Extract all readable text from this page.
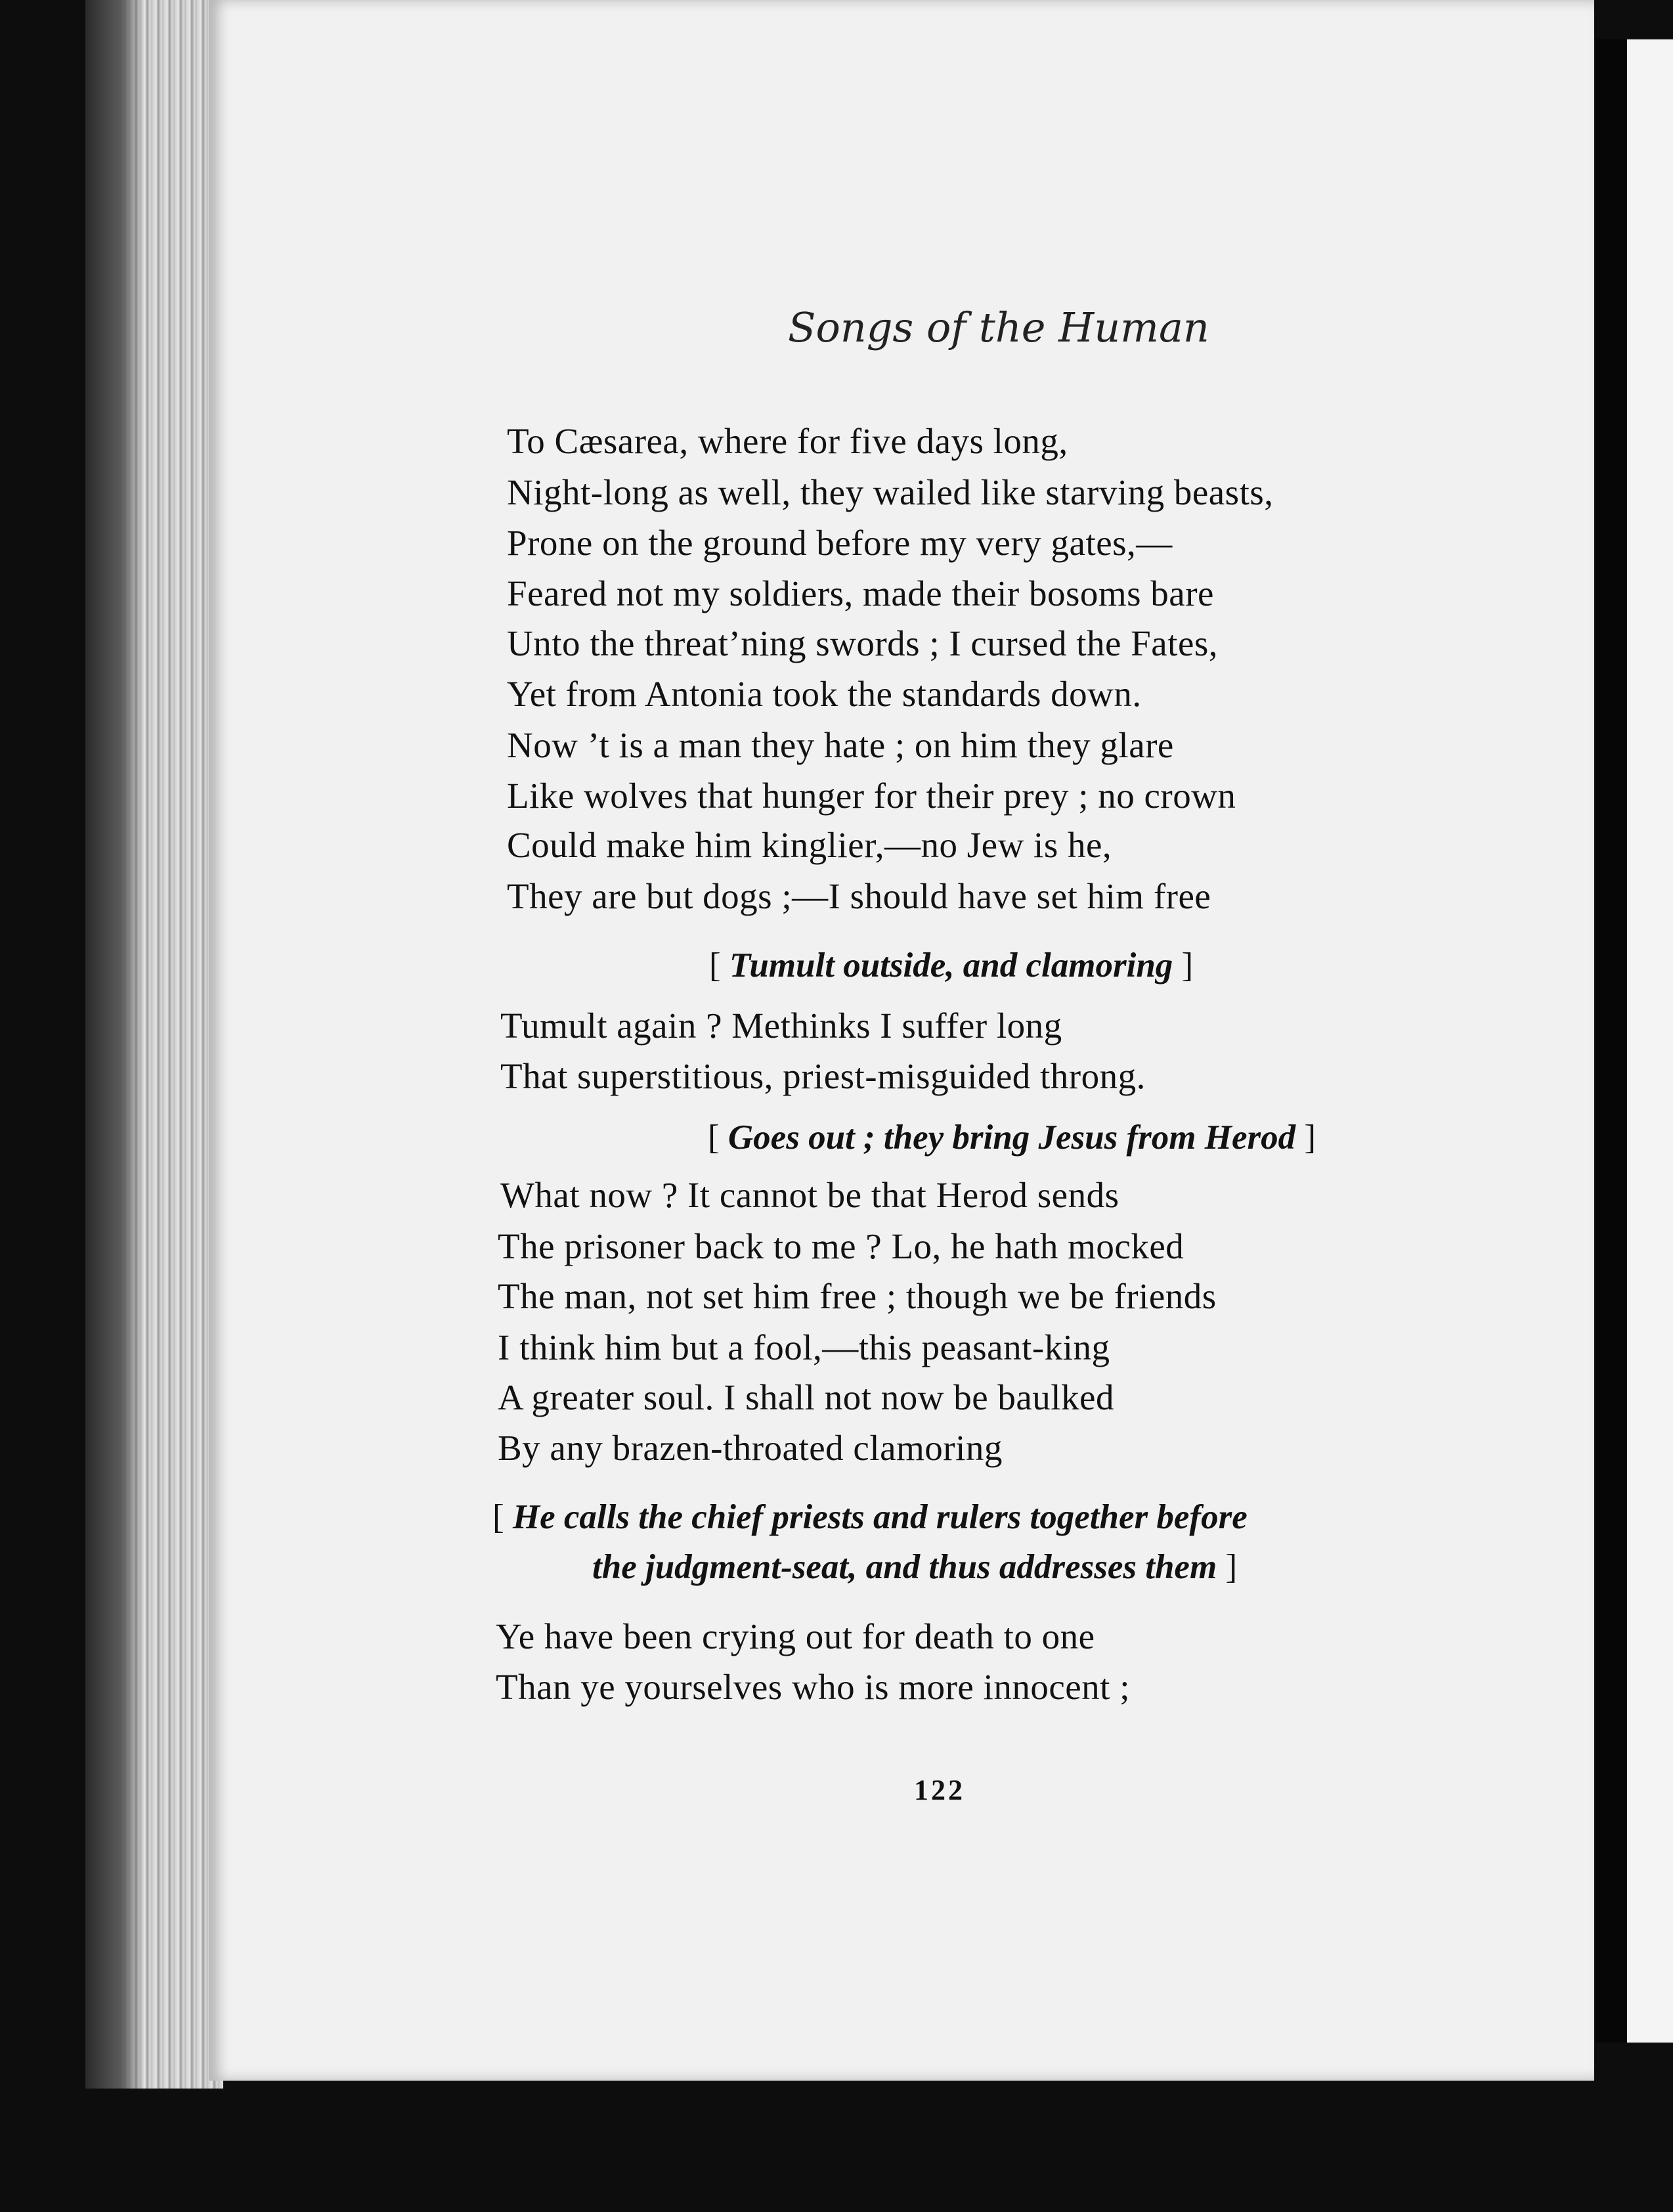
Songs of the Human
To Cæsarea, where for five days long,
Night-long as well, they wailed like starving beasts,
Prone on the ground before my very gates,—
Feared not my soldiers, made their bosoms bare
Unto the threat’ning swords ; I cursed the Fates,
Yet from Antonia took the standards down.
Now ’t is a man they hate ; on him they glare
Like wolves that hunger for their prey ; no crown
Could make him kinglier,—no Jew is he,
They are but dogs ;—I should have set him free
[ Tumult outside, and clamoring ]
Tumult again ? Methinks I suffer long
That superstitious, priest-misguided throng.
[ Goes out ; they bring Jesus from Herod ]
What now ? It cannot be that Herod sends
The prisoner back to me ? Lo, he hath mocked
The man, not set him free ; though we be friends
I think him but a fool,—this peasant-king
A greater soul. I shall not now be baulked
By any brazen-throated clamoring
[ He calls the chief priests and rulers together before
the judgment-seat, and thus addresses them ]
Ye have been crying out for death to one
Than ye yourselves who is more innocent ;
122
